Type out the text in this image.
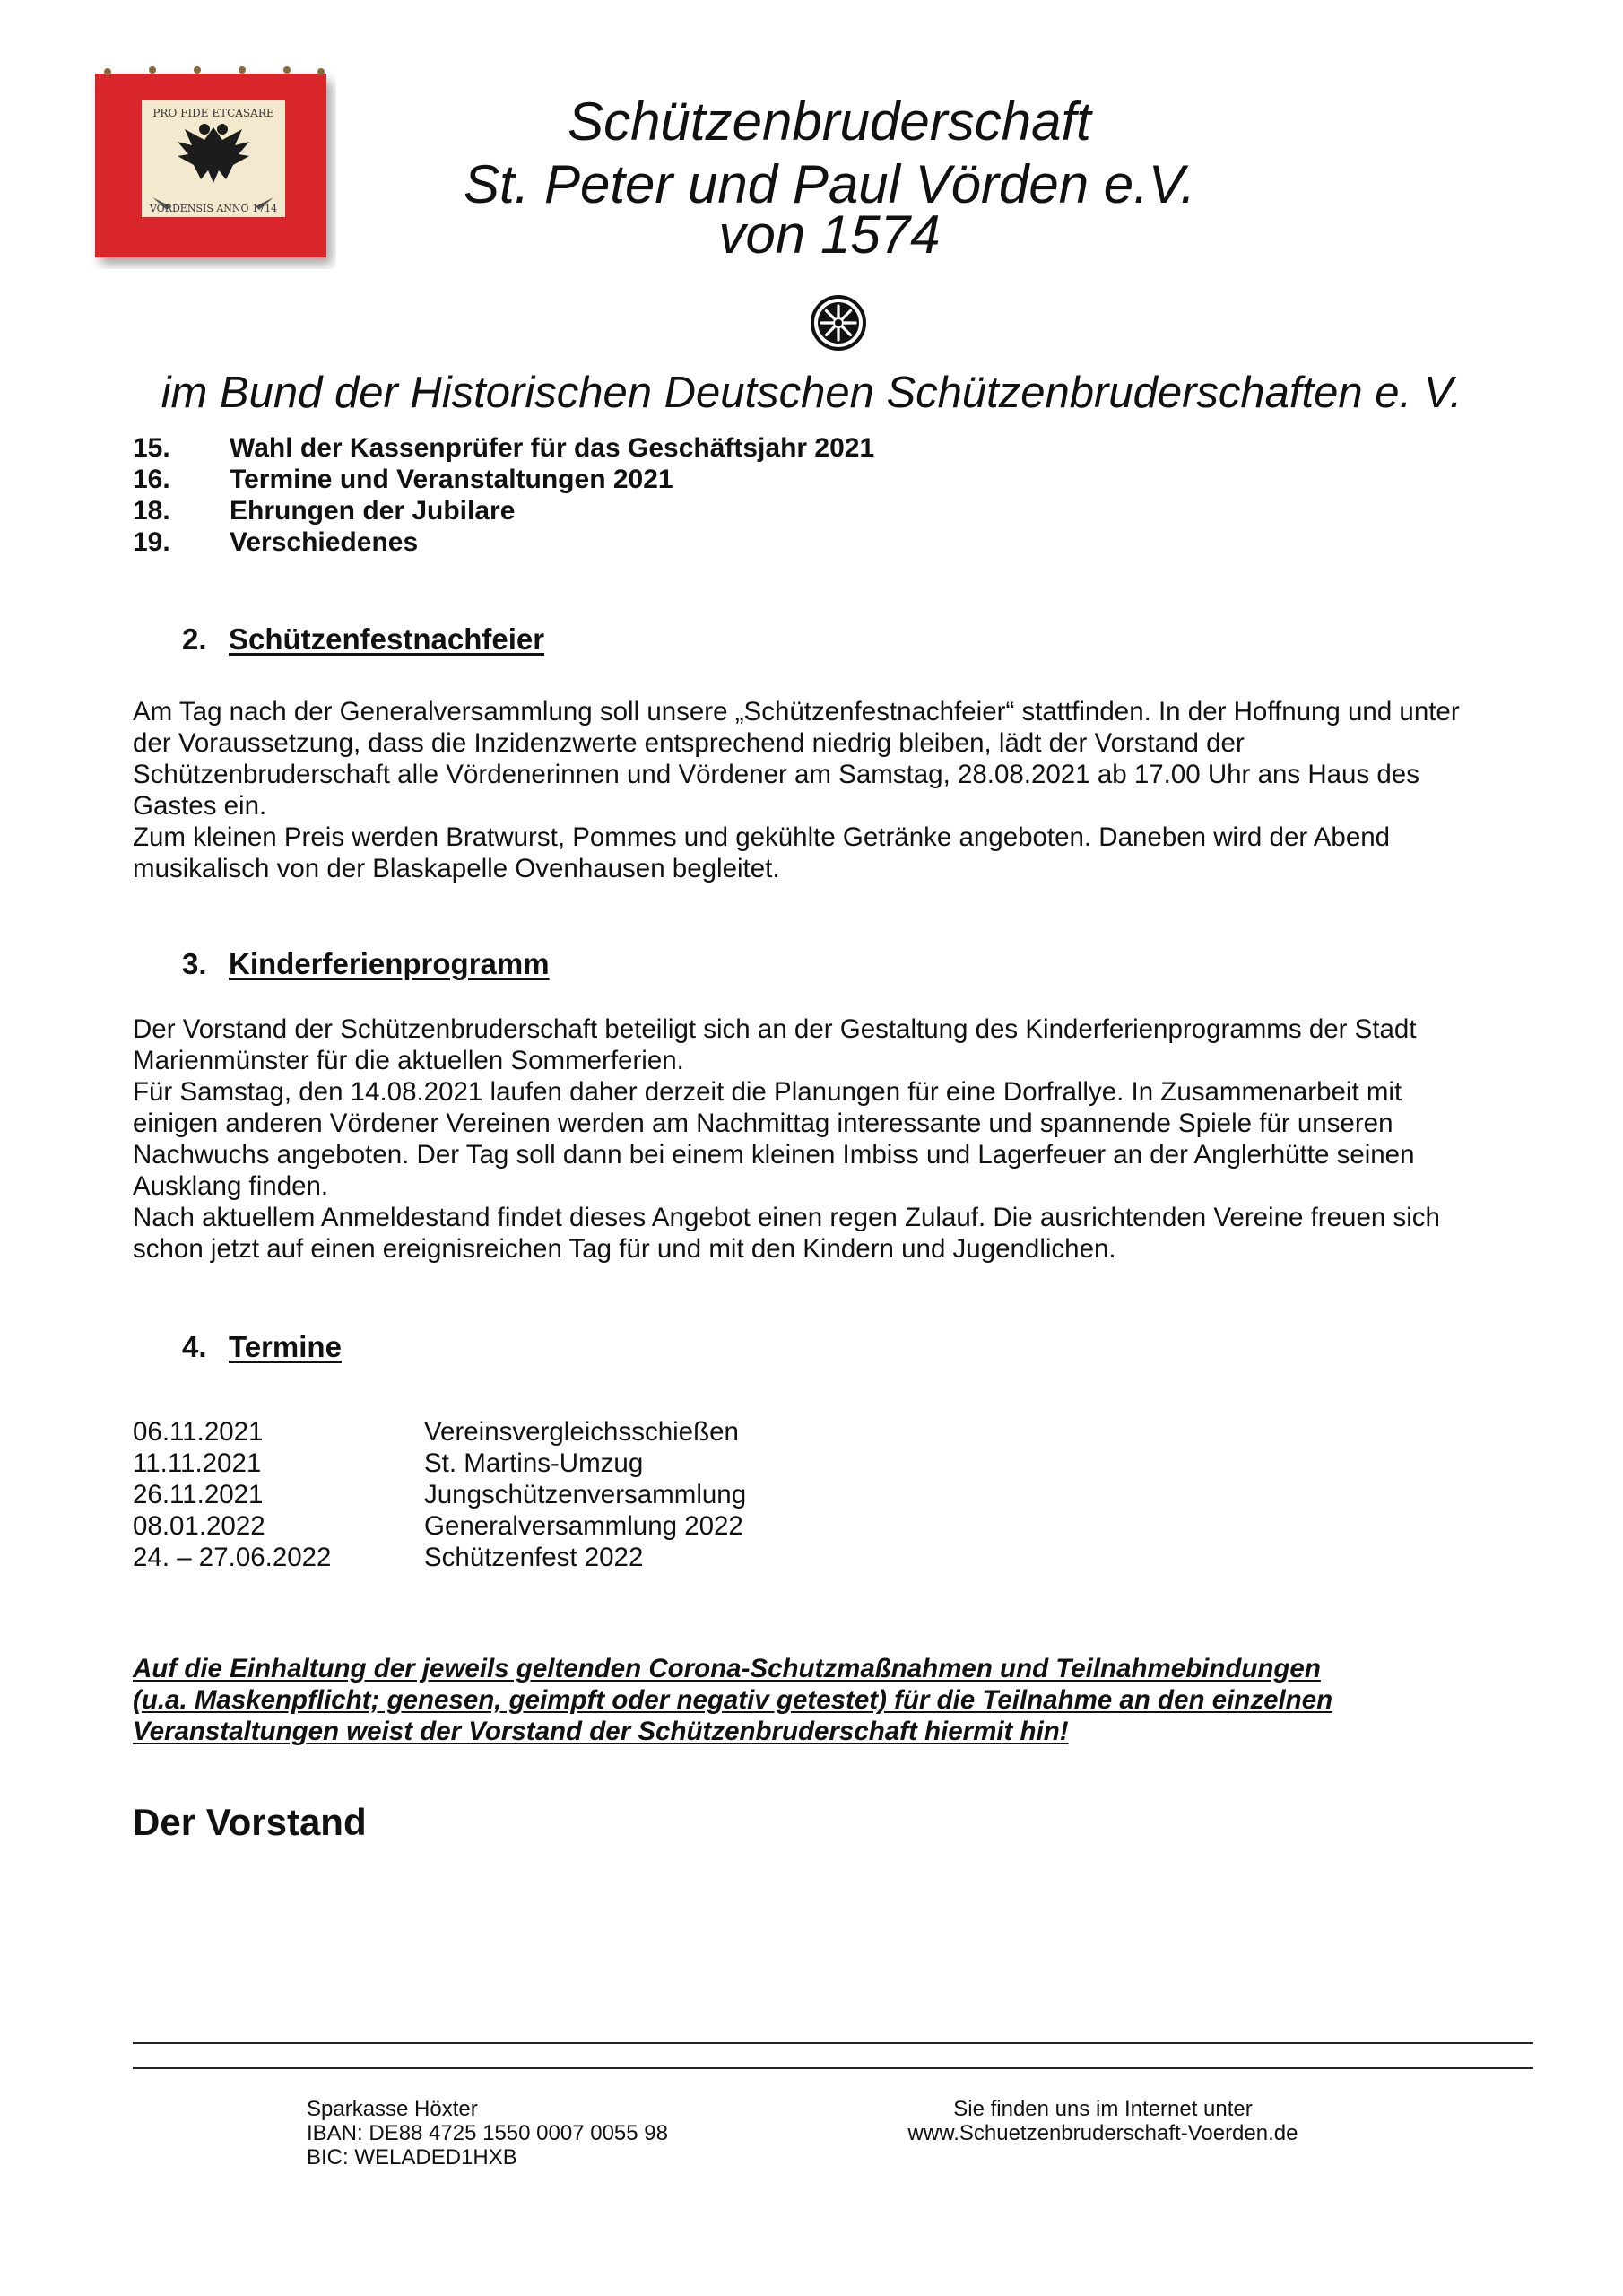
PRO FIDE ETCASARE
VORDENSIS ANNO 1714
Schützenbruderschaft
St. Peter und Paul Vörden e.V.
von 1574
im Bund der Historischen Deutschen Schützenbruderschaften e. V.
15.	Wahl der Kassenprüfer für das Geschäftsjahr 2021
16.	Termine und Veranstaltungen 2021
18.	Ehrungen der Jubilare
19.	Verschiedenes
2. Schützenfestnachfeier

Am Tag nach der Generalversammlung soll unsere „Schützenfestnachfeier“ stattfinden. In der Hoffnung und unter

der Voraussetzung, dass die Inzidenzwerte entsprechend niedrig bleiben, lädt der Vorstand der

Schützenbruderschaft alle Vördenerinnen und Vördener am Samstag, 28.08.2021 ab 17.00 Uhr ans Haus des

Gastes ein.

Zum kleinen Preis werden Bratwurst, Pommes und gekühlte Getränke angeboten. Daneben wird der Abend

musikalisch von der Blaskapelle Ovenhausen begleitet.

3. Kinderferienprogramm

Der Vorstand der Schützenbruderschaft beteiligt sich an der Gestaltung des Kinderferienprogramms der Stadt

Marienmünster für die aktuellen Sommerferien.

Für Samstag, den 14.08.2021 laufen daher derzeit die Planungen für eine Dorfrallye. In Zusammenarbeit mit

einigen anderen Vördener Vereinen werden am Nachmittag interessante und spannende Spiele für unseren

Nachwuchs angeboten. Der Tag soll dann bei einem kleinen Imbiss und Lagerfeuer an der Anglerhütte seinen

Ausklang finden.

Nach aktuellem Anmeldestand findet dieses Angebot einen regen Zulauf. Die ausrichtenden Vereine freuen sich

schon jetzt auf einen ereignisreichen Tag für und mit den Kindern und Jugendlichen.

4. Termine
06.11.2021	Vereinsvergleichsschießen
11.11.2021	St. Martins-Umzug
26.11.2021	Jungschützenversammlung
08.01.2022	Generalversammlung 2022
24. – 27.06.2022	Schützenfest 2022
Auf die Einhaltung der jeweils geltenden Corona-Schutzmaßnahmen und Teilnahmebindungen
(u.a. Maskenpflicht; genesen, geimpft oder negativ getestet) für die Teilnahme an den einzelnen
Veranstaltungen weist der Vorstand der Schützenbruderschaft hiermit hin!
Der Vorstand
Sparkasse Höxter
IBAN: DE88 4725 1550 0007 0055 98
BIC: WELADED1HXB
Sie finden uns im Internet unter
www.Schuetzenbruderschaft-Voerden.de
